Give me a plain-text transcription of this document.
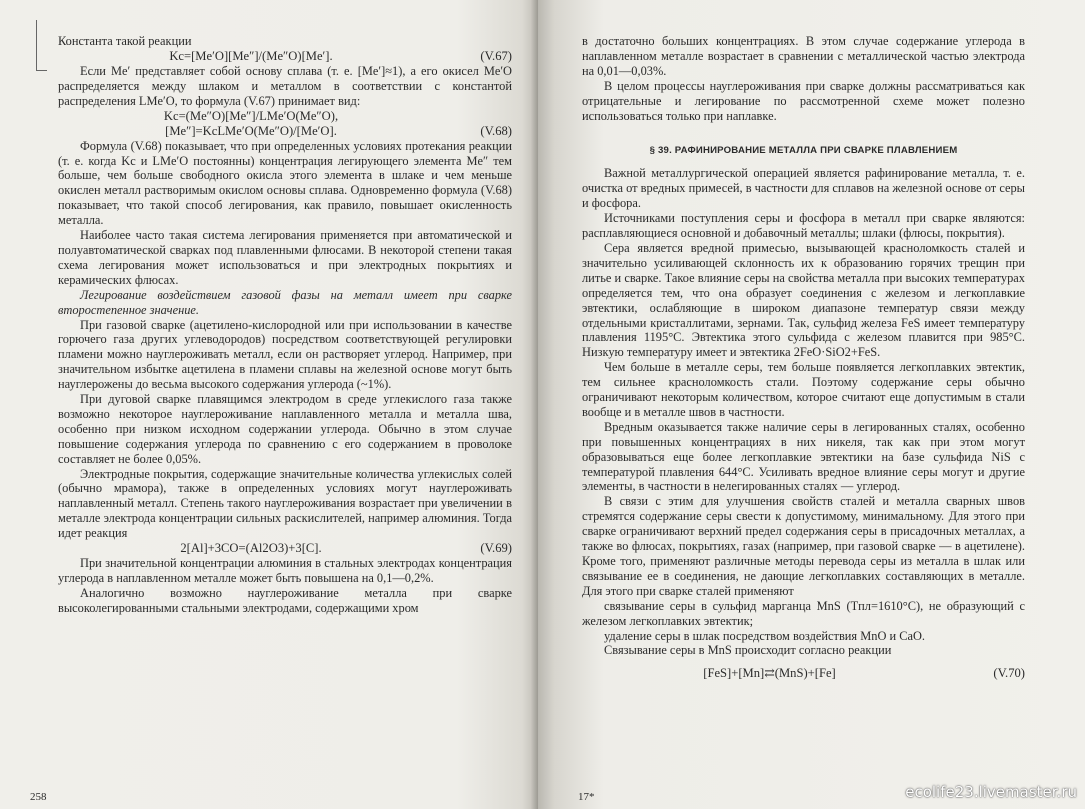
Константа такой реакции

Kc=[Me′O][Me″]/(Me″O)[Me′].	(V.67)

Если Me′ представляет собой основу сплава (т. е. [Me′]≈1), а его окисел Me′O распределяется между шлаком и металлом в соответствии с константой распределения LMe′O, то формула (V.67) принимает вид:

Kc=(Me″O)[Me″]/LMe′O(Me″O),
[Me″]=KcLMe′O(Me″O)/[Me′O].	(V.68)

Формула (V.68) показывает, что при определенных условиях протекания реакции (т. е. когда Kc и LMe′O постоянны) концентрация легирующего элемента Me″ тем больше, чем больше свободного окисла этого элемента в шлаке и чем меньше окислен металл растворимым окислом основы сплава. Одновременно формула (V.68) показывает, что такой способ легирования, как правило, повышает окисленность металла.

Наиболее часто такая система легирования применяется при автоматической и полуавтоматической сварках под плавленными флюсами. В некоторой степени такая схема легирования может использоваться и при электродных покрытиях и керамических флюсах.

Легирование воздействием газовой фазы на металл имеет при сварке второстепенное значение.

При газовой сварке (ацетилено-кислородной или при использовании в качестве горючего газа других углеводородов) посредством соответствующей регулировки пламени можно науглероживать металл, если он растворяет углерод. Например, при значительном избытке ацетилена в пламени сплавы на железной основе могут быть науглерожены до весьма высокого содержания углерода (~1%).

При дуговой сварке плавящимся электродом в среде углекислого газа также возможно некоторое науглероживание наплавленного металла и металла шва, особенно при низком исходном содержании углерода. Обычно в этом случае повышение содержания углерода по сравнению с его содержанием в проволоке составляет не более 0,05%.

Электродные покрытия, содержащие значительные количества углекислых солей (обычно мрамора), также в определенных условиях могут науглероживать наплавленный металл. Степень такого науглероживания возрастает при увеличении в металле электрода концентрации сильных раскислителей, например алюминия. Тогда идет реакция

2[Al]+3CO=(Al2O3)+3[C].	(V.69)

При значительной концентрации алюминия в стальных электродах концентрация углерода в наплавленном металле может быть повышена на 0,1—0,2%.

Аналогично возможно науглероживание металла при сварке высоколегированными стальными электродами, содержащими хром

258

в достаточно больших концентрациях. В этом случае содержание углерода в наплавленном металле возрастает в сравнении с металлической частью электрода на 0,01—0,03%.

В целом процессы науглероживания при сварке должны рассматриваться как отрицательные и легирование по рассмотренной схеме может полезно использоваться только при наплавке.

§ 39. РАФИНИРОВАНИЕ МЕТАЛЛА ПРИ СВАРКЕ ПЛАВЛЕНИЕМ

Важной металлургической операцией является рафинирование металла, т. е. очистка от вредных примесей, в частности для сплавов на железной основе от серы и фосфора.

Источниками поступления серы и фосфора в металл при сварке являются: расплавляющиеся основной и добавочный металлы; шлаки (флюсы, покрытия).

Сера является вредной примесью, вызывающей красноломкость сталей и значительно усиливающей склонность их к образованию горячих трещин при литье и сварке. Такое влияние серы на свойства металла при высоких температурах определяется тем, что она образует соединения с железом и легкоплавкие эвтектики, ослабляющие в широком диапазоне температур связи между отдельными кристаллитами, зернами. Так, сульфид железа FeS имеет температуру плавления 1195°C. Эвтектика этого сульфида с железом плавится при 985°C. Низкую температуру имеет и эвтектика 2FeO·SiO2+FeS.

Чем больше в металле серы, тем больше появляется легкоплавких эвтектик, тем сильнее красноломкость стали. Поэтому содержание серы обычно ограничивают некоторым количеством, которое считают еще допустимым в стали вообще и в металле швов в частности.

Вредным оказывается также наличие серы в легированных сталях, особенно при повышенных концентрациях в них никеля, так как при этом могут образовываться еще более легкоплавкие эвтектики на базе сульфида NiS с температурой плавления 644°C. Усиливать вредное влияние серы могут и другие элементы, в частности в нелегированных сталях — углерод.

В связи с этим для улучшения свойств сталей и металла сварных швов стремятся содержание серы свести к допустимому, минимальному. Для этого при сварке ограничивают верхний предел содержания серы в присадочных металлах, а также во флюсах, покрытиях, газах (например, при газовой сварке — в ацетилене). Кроме того, применяют различные методы перевода серы из металла в шлак или связывание ее в соединения, не дающие легкоплавких составляющих в металле. Для этого при сварке сталей применяют

связывание серы в сульфид марганца MnS (Tпл=1610°C), не образующий с железом легкоплавких эвтектик;

удаление серы в шлак посредством воздействия MnO и CaO.

Связывание серы в MnS происходит согласно реакции

[FeS]+[Mn]⇄(MnS)+[Fe]	(V.70)
17*	ecolife23.livemaster.ru
